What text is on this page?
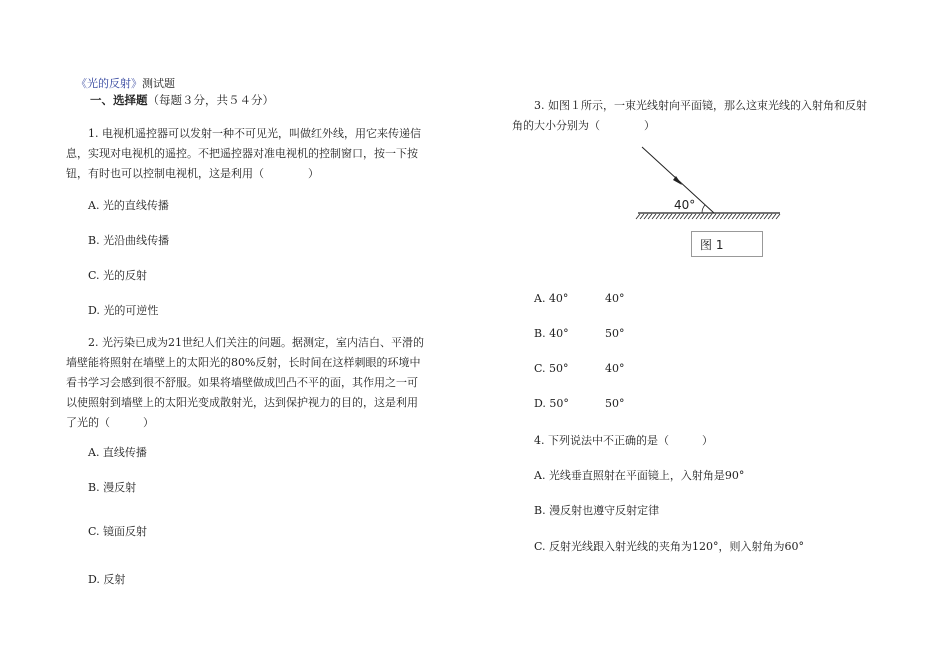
《光的反射》测试题
一、选择题（每题３分，共５４分）
1. 电视机遥控器可以发射一种不可见光，叫做红外线，用它来传递信
息，实现对电视机的遥控。不把遥控器对准电视机的控制窗口，按一下按
钮，有时也可以控制电视机，这是利用（　　　　）
A. 光的直线传播
B. 光沿曲线传播
C. 光的反射
D. 光的可逆性
2. 光污染已成为21世纪人们关注的问题。据测定，室内洁白、平滑的
墙壁能将照射在墙壁上的太阳光的80%反射，长时间在这样刺眼的环境中
看书学习会感到很不舒服。如果将墙壁做成凹凸不平的面，其作用之一可
以使照射到墙壁上的太阳光变成散射光，达到保护视力的目的，这是利用
了光的（　　　）
A. 直线传播
B. 漫反射
C. 镜面反射
D. 反射
3. 如图１所示，一束光线射向平面镜，那么这束光线的入射角和反射
角的大小分别为（　　　　）
40°
图 1
A. 40°	40°
B. 40°	50°
C. 50°	40°
D. 50°	50°
4. 下列说法中不正确的是（　　　）
A. 光线垂直照射在平面镜上，入射角是90°
B. 漫反射也遵守反射定律
C. 反射光线跟入射光线的夹角为120°，则入射角为60°
